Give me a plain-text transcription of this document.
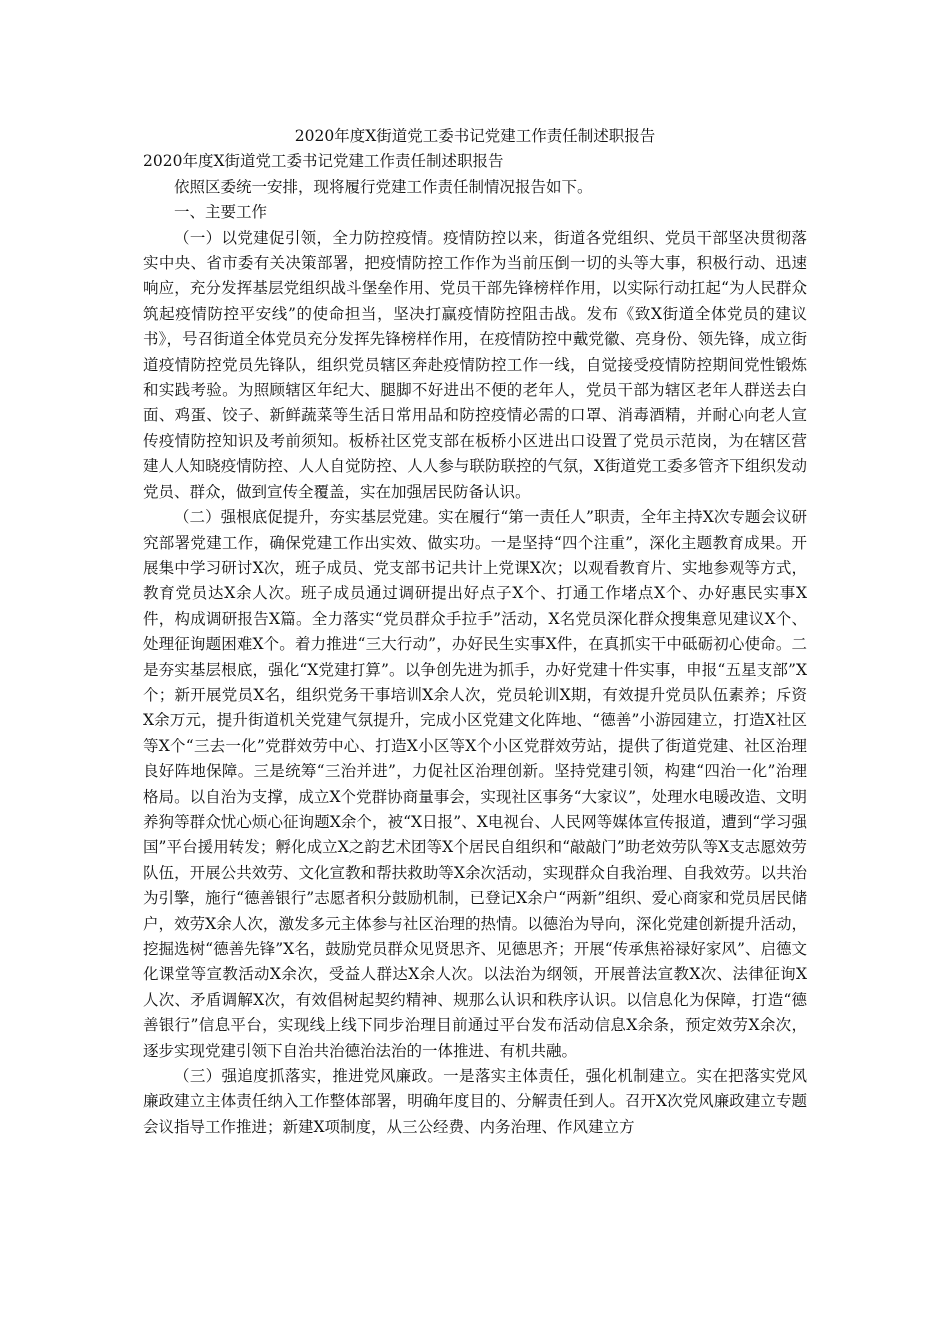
2020年度X街道党工委书记党建工作责任制述职报告
2020年度X街道党工委书记党建工作责任制述职报告

依照区委统一安排，现将履行党建工作责任制情况报告如下。

一、主要工作

（一）以党建促引领，全力防控疫情。疫情防控以来，街道各党组织、党员干部坚决贯彻落实中央、省市委有关决策部署，把疫情防控工作作为当前压倒一切的头等大事，积极行动、迅速响应，充分发挥基层党组织战斗堡垒作用、党员干部先锋榜样作用，以实际行动扛起“为人民群众筑起疫情防控平安线”的使命担当，坚决打赢疫情防控阻击战。发布《致X街道全体党员的建议书》，号召街道全体党员充分发挥先锋榜样作用，在疫情防控中戴党徽、亮身份、领先锋，成立街道疫情防控党员先锋队，组织党员辖区奔赴疫情防控工作一线，自觉接受疫情防控期间党性锻炼和实践考验。为照顾辖区年纪大、腿脚不好进出不便的老年人，党员干部为辖区老年人群送去白面、鸡蛋、饺子、新鲜蔬菜等生活日常用品和防控疫情必需的口罩、消毒酒精，并耐心向老人宣传疫情防控知识及考前须知。板桥社区党支部在板桥小区进出口设置了党员示范岗，为在辖区营建人人知晓疫情防控、人人自觉防控、人人参与联防联控的气氛，X街道党工委多管齐下组织发动党员、群众，做到宣传全覆盖，实在加强居民防备认识。

（二）强根底促提升，夯实基层党建。实在履行“第一责任人”职责，全年主持X次专题会议研究部署党建工作，确保党建工作出实效、做实功。一是坚持“四个注重”，深化主题教育成果。开展集中学习研讨X次，班子成员、党支部书记共计上党课X次；以观看教育片、实地参观等方式，教育党员达X余人次。班子成员通过调研提出好点子X个、打通工作堵点X个、办好惠民实事X件，构成调研报告X篇。全力落实“党员群众手拉手”活动，X名党员深化群众搜集意见建议X个、处理征询题困难X个。着力推进“三大行动”，办好民生实事X件，在真抓实干中砥砺初心使命。二是夯实基层根底，强化“X党建打算”。以争创先进为抓手，办好党建十件实事，申报“五星支部”X个；新开展党员X名，组织党务干事培训X余人次，党员轮训X期，有效提升党员队伍素养；斥资X余万元，提升街道机关党建气氛提升，完成小区党建文化阵地、“德善”小游园建立，打造X社区等X个“三去一化”党群效劳中心、打造X小区等X个小区党群效劳站，提供了街道党建、社区治理良好阵地保障。三是统筹“三治并进”，力促社区治理创新。坚持党建引领，构建“四治一化”治理格局。以自治为支撑，成立X个党群协商量事会，实现社区事务“大家议”，处理水电暖改造、文明养狗等群众忧心烦心征询题X余个，被“X日报”、X电视台、人民网等媒体宣传报道，遭到“学习强国”平台援用转发；孵化成立X之韵艺术团等X个居民自组织和“敲敲门”助老效劳队等X支志愿效劳队伍，开展公共效劳、文化宣教和帮扶救助等X余次活动，实现群众自我治理、自我效劳。以共治为引擎，施行“德善银行”志愿者积分鼓励机制，已登记X余户“两新”组织、爱心商家和党员居民储户，效劳X余人次，激发多元主体参与社区治理的热情。以德治为导向，深化党建创新提升活动，挖掘选树“德善先锋”X名，鼓励党员群众见贤思齐、见德思齐；开展“传承焦裕禄好家风”、启德文化课堂等宣教活动X余次，受益人群达X余人次。以法治为纲领，开展普法宣教X次、法律征询X人次、矛盾调解X次，有效倡树起契约精神、规那么认识和秩序认识。以信息化为保障，打造“德善银行”信息平台，实现线上线下同步治理目前通过平台发布活动信息X余条，预定效劳X余次，逐步实现党建引领下自治共治德治法治的一体推进、有机共融。

（三）强追度抓落实，推进党风廉政。一是落实主体责任，强化机制建立。实在把落实党风廉政建立主体责任纳入工作整体部署，明确年度目的、分解责任到人。召开X次党风廉政建立专题会议指导工作推进；新建X项制度，从三公经费、内务治理、作风建立方
